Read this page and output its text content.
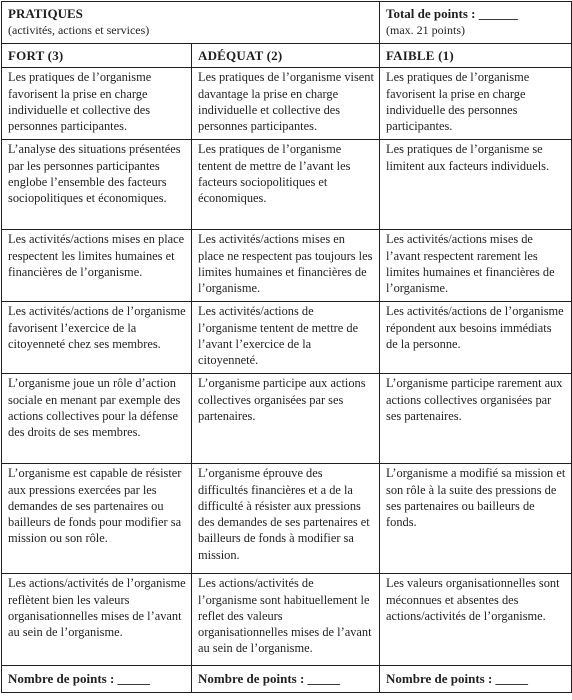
PRATIQUES
(activités, actions et services)		Total de points : ______
(max. 21 points)

FORT (3)	ADÉQUAT (2)	FAIBLE (1)
Les pratiques de l’organisme favorisent la prise en charge individuelle et collective des personnes participantes.	Les pratiques de l’organisme visent davantage la prise en charge individuelle et collective des personnes participantes.	Les pratiques de l’organisme favorisent la prise en charge individuelle des personnes participantes.
L’analyse des situations présentées par les personnes participantes englobe l’ensemble des facteurs sociopolitiques et économiques.	Les pratiques de l’organisme tentent de mettre de l’avant les facteurs sociopolitiques et économiques.	Les pratiques de l’organisme se limitent aux facteurs individuels.
Les activités/actions mises en place respectent les limites humaines et financières de l’organisme.	Les activités/actions mises en place ne respectent pas toujours les limites humaines et financières de l’organisme.	Les activités/actions mises de l’avant respectent rarement les limites humaines et financières de l’organisme.
Les activités/actions de l’organisme favorisent l’exercice de la citoyenneté chez ses membres.	Les activités/actions de l’organisme tentent de mettre de l’avant l’exercice de la citoyenneté.	Les activités/actions de l’organisme répondent aux besoins immédiats de la personne.
L’organisme joue un rôle d’action sociale en menant par exemple des actions collectives pour la défense des droits de ses membres.	L’organisme participe aux actions collectives organisées par ses partenaires.	L’organisme participe rarement aux actions collectives organisées par ses partenaires.
L’organisme est capable de résister aux pressions exercées par les demandes de ses partenaires ou bailleurs de fonds pour modifier sa mission ou son rôle.	L’organisme éprouve des difficultés financières et a de la difficulté à résister aux pressions des demandes de ses partenaires et bailleurs de fonds à modifier sa mission.	L’organisme a modifié sa mission et son rôle à la suite des pressions de ses partenaires ou bailleurs de fonds.
Les actions/activités de l’organisme reflètent bien les valeurs organisationnelles mises de l’avant au sein de l’organisme.	Les actions/activités de l’organisme sont habituellement le reflet des valeurs organisationnelles mises de l’avant au sein de l’organisme.	Les valeurs organisationnelles sont méconnues et absentes des actions/activités de l’organisme.
Nombre de points : _____	Nombre de points : _____	Nombre de points : _____
